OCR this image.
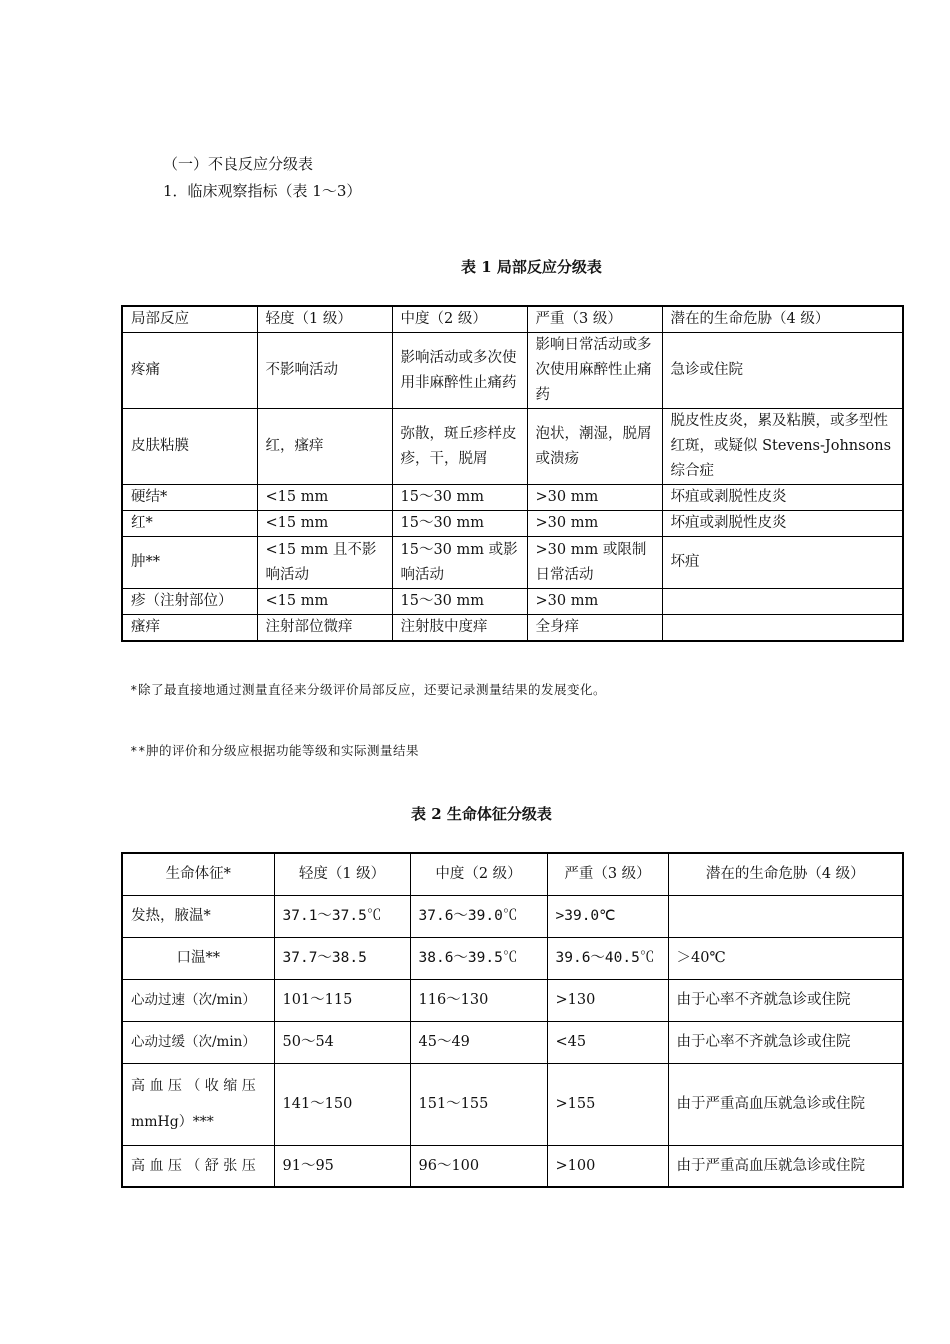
（一）不良反应分级表
1．临床观察指标（表 1～3）
表 1 局部反应分级表
局部反应	轻度（1 级）	中度（2 级）	严重（3 级）	潜在的生命危胁（4 级）
疼痛	不影响活动	影响活动或多次使用非麻醉性止痛药	影响日常活动或多次使用麻醉性止痛药	急诊或住院
皮肤粘膜	红，瘙痒	弥散，斑丘疹样皮疹，干，脱屑	泡状，潮湿，脱屑或溃疡	脱皮性皮炎，累及粘膜，或多型性红斑，或疑似 Stevens-Johnsons 综合症
硬结*	<15 mm	15～30 mm	>30 mm	坏疽或剥脱性皮炎
红*	<15 mm	15～30 mm	>30 mm	坏疽或剥脱性皮炎
肿**	<15 mm 且不影响活动	15～30 mm 或影响活动	>30 mm 或限制日常活动	坏疽
疹（注射部位）	<15 mm	15～30 mm	>30 mm	
瘙痒	注射部位微痒	注射肢中度痒	全身痒	
*除了最直接地通过测量直径来分级评价局部反应，还要记录测量结果的发展变化。
**肿的评价和分级应根据功能等级和实际测量结果
表 2 生命体征分级表
生命体征*	轻度（1 级）	中度（2 级）	严重（3 级）	潜在的生命危胁（4 级）
发热，腋温*	37.1～37.5℃	37.6～39.0℃	>39.0℃	
口温**	37.7～38.5	38.6～39.5℃	39.6～40.5℃	＞40℃
心动过速（次/min）	101～115	116～130	>130	由于心率不齐就急诊或住院
心动过缓（次/min）	50～54	45～49	<45	由于心率不齐就急诊或住院
高 血 压 （ 收 缩 压 mmHg）***	141～150	151～155	>155	由于严重高血压就急诊或住院
高 血 压 （ 舒 张 压	91～95	96～100	>100	由于严重高血压就急诊或住院
